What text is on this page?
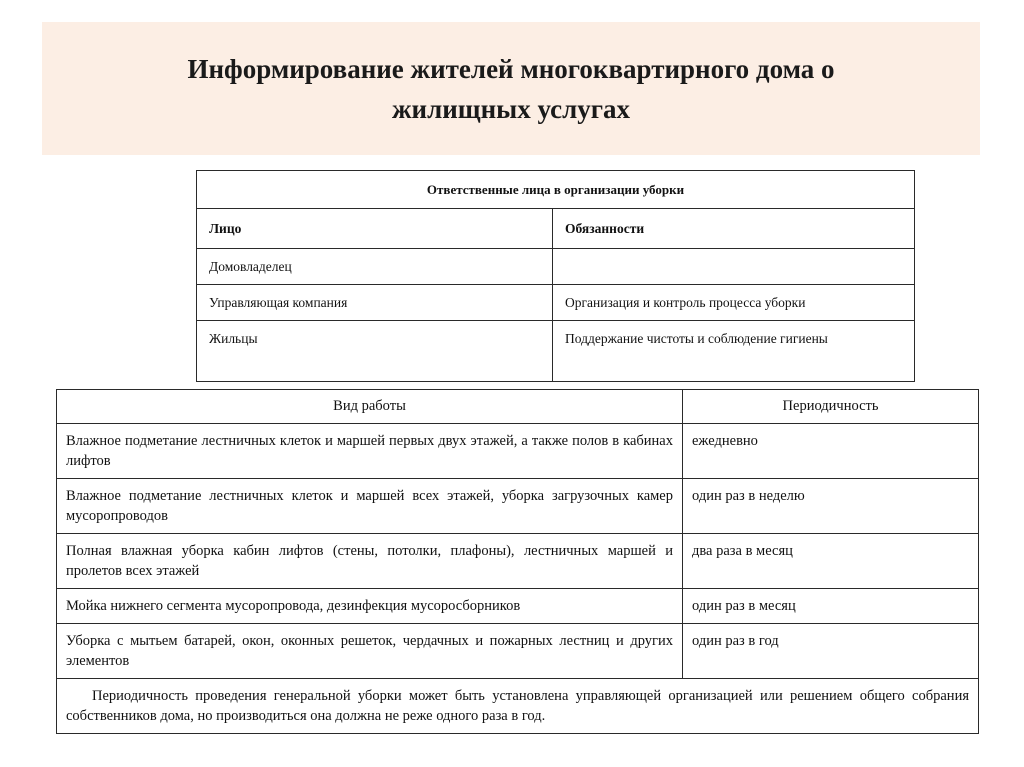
Информирование жителей многоквартирного дома о жилищных услугах
Ответственные лица в организации уборки	
Лицо	Обязанности
Домовладелец	
Управляющая компания	Организация и контроль процесса уборки
Жильцы	Поддержание чистоты и соблюдение гигиены
Вид работы	Периодичность
Влажное подметание лестничных клеток и маршей первых двух этажей, а также полов в кабинах лифтов	ежедневно
Влажное подметание лестничных клеток и маршей всех этажей, уборка загрузочных камер мусоропроводов	один раз в неделю
Полная влажная уборка кабин лифтов (стены, потолки, плафоны), лестничных маршей и пролетов всех этажей	два раза в месяц
Мойка нижнего сегмента мусоропровода, дезинфекция мусоросборников	один раз в месяц
Уборка с мытьем батарей, окон, оконных решеток, чердачных и пожарных лестниц и других элементов	один раз в год
Периодичность проведения генеральной уборки может быть установлена управляющей организацией или решением общего собрания собственников дома, но производиться она должна не реже одного раза в год.	
